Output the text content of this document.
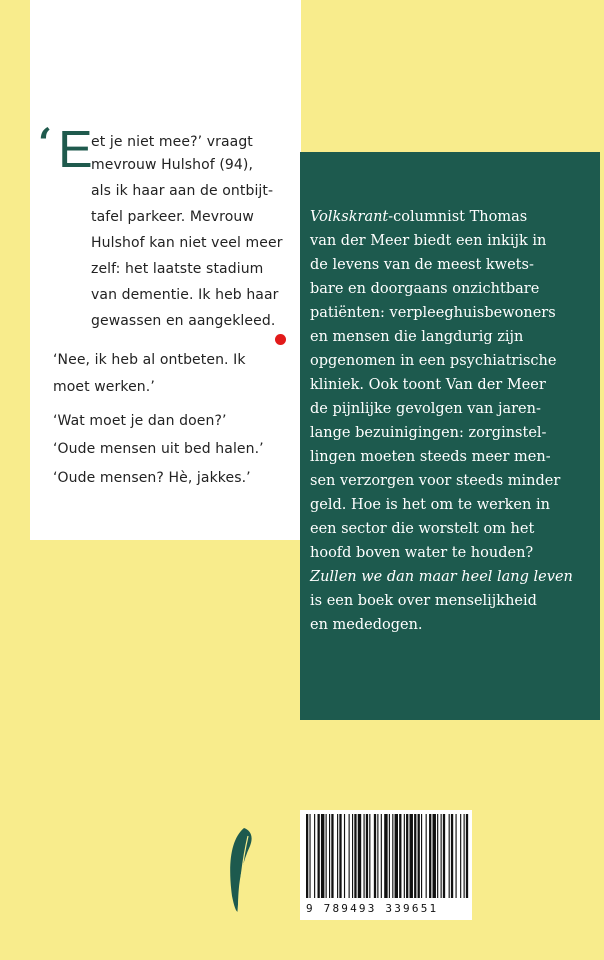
‘ E
et je niet mee?’ vraagt
mevrouw Hulshof (94),
als ik haar aan de ontbijt-
tafel parkeer. Mevrouw
Hulshof kan niet veel meer
zelf: het laatste stadium
van dementie. Ik heb haar
gewassen en aangekleed.
‘Nee, ik heb al ontbeten. Ik
moet werken.’
‘Wat moet je dan doen?’
‘Oude mensen uit bed halen.’
‘Oude mensen? Hè, jakkes.’
Volkskrant-columnist Thomas
van der Meer biedt een inkijk in
de levens van de meest kwets-
bare en doorgaans onzichtbare
patiënten: verpleeghuisbewoners
en mensen die langdurig zijn
opgenomen in een psychiatrische
kliniek. Ook toont Van der Meer
de pijnlijke gevolgen van jaren-
lange bezuinigingen: zorginstel-
lingen moeten steeds meer men-
sen verzorgen voor steeds minder
geld. Hoe is het om te werken in
een sector die worstelt om het
hoofd boven water te houden?
Zullen we dan maar heel lang leven
is een boek over menselijkheid
en mededogen.
9 789493 339651
